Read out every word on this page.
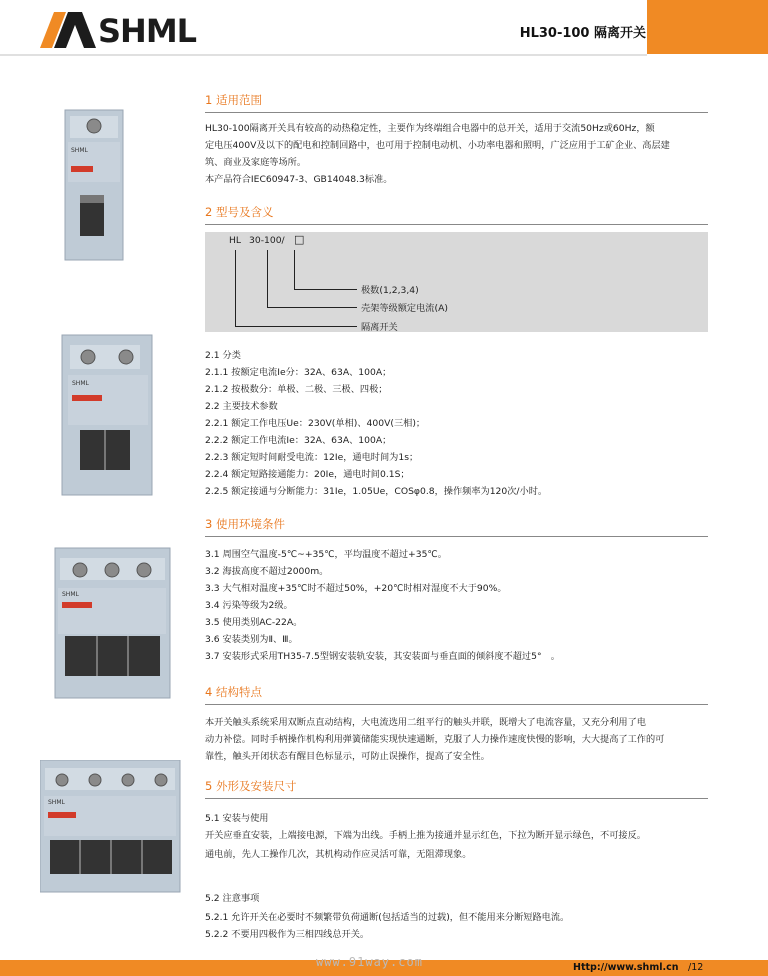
SHML	HL30-100 隔离开关
SHML
SHML
SHML
SHML
1 适用范围
HL30-100隔离开关具有较高的动热稳定性，主要作为终端组合电器中的总开关，适用于交流50Hz或60Hz，额
定电压400V及以下的配电和控制回路中，也可用于控制电动机、小功率电器和照明，广泛应用于工矿企业、高层建
筑、商业及家庭等场所。
本产品符合IEC60947-3、GB14048.3标准。
2 型号及含义
HL 30-100/ □
极数(1,2,3,4)
壳架等级额定电流(A)
隔离开关
2.1 分类
2.1.1 按额定电流Ie分：32A、63A、100A；
2.1.2 按极数分：单极、二极、三极、四极；
2.2 主要技术参数
2.2.1 额定工作电压Ue：230V(单相)、400V(三相)；
2.2.2 额定工作电流Ie：32A、63A、100A；
2.2.3 额定短时间耐受电流：12Ie，通电时间为1s；
2.2.4 额定短路接通能力：20Ie，通电时间0.1S；
2.2.5 额定接通与分断能力：31Ie，1.05Ue，COSφ0.8，操作频率为120次/小时。
3 使用环境条件
3.1 周围空气温度-5℃~+35℃，平均温度不超过+35℃。
3.2 海拔高度不超过2000m。
3.3 大气相对温度+35℃时不超过50%，+20℃时相对湿度不大于90%。
3.4 污染等级为2级。
3.5 使用类别AC-22A。
3.6 安装类别为Ⅱ、Ⅲ。
3.7 安装形式采用TH35-7.5型钢安装轨安装，其安装面与垂直面的倾斜度不超过5°　。
4 结构特点
本开关触头系统采用双断点直动结构，大电流选用二组平行的触头并联，既增大了电流容量，又充分利用了电
动力补偿。同时手柄操作机构利用弹簧储能实现快速通断，克服了人力操作速度快慢的影响，大大提高了工作的可
靠性，触头开闭状态有醒目色标显示，可防止误操作，提高了安全性。
5 外形及安装尺寸
5.1 安装与使用
开关应垂直安装，上端接电源，下端为出线。手柄上推为接通并显示红色，下拉为断开显示绿色，不可接反。
通电前，先人工操作几次，其机构动作应灵活可靠，无阻滞现象。
5.2 注意事项
5.2.1 允许开关在必要时不频繁带负荷通断(包括适当的过载)，但不能用来分断短路电流。
5.2.2 不要用四极作为三相四线总开关。
www.91way.com	Http://www.shml.cn /12
